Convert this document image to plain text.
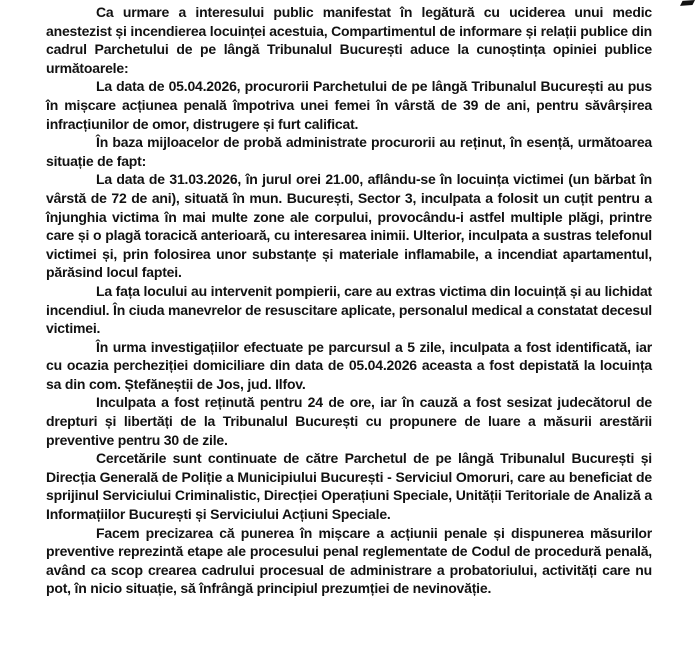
Ca urmare a interesului public manifestat în legătură cu uciderea unui medic anestezist și incendierea locuinței acestuia, Compartimentul de informare și relații publice din cadrul Parchetului de pe lângă Tribunalul București aduce la cunoștința opiniei publice următoarele:

La data de 05.04.2026, procurorii Parchetului de pe lângă Tribunalul București au pus în mișcare acțiunea penală împotriva unei femei în vârstă de 39 de ani, pentru săvârșirea infracțiunilor de omor, distrugere și furt calificat.

În baza mijloacelor de probă administrate procurorii au reținut, în esență, următoarea situație de fapt:

La data de 31.03.2026, în jurul orei 21.00, aflându-se în locuința victimei (un bărbat în vârstă de 72 de ani), situată în mun. București, Sector 3, inculpata a folosit un cuțit pentru a înjunghia victima în mai multe zone ale corpului, provocându-i astfel multiple plăgi, printre care și o plagă toracică anterioară, cu interesarea inimii. Ulterior, inculpata a sustras telefonul victimei și, prin folosirea unor substanțe și materiale inflamabile, a incendiat apartamentul, părăsind locul faptei.

La fața locului au intervenit pompierii, care au extras victima din locuință și au lichidat incendiul. În ciuda manevrelor de resuscitare aplicate, personalul medical a constatat decesul victimei.

În urma investigațiilor efectuate pe parcursul a 5 zile, inculpata a fost identificată, iar cu ocazia percheziției domiciliare din data de 05.04.2026 aceasta a fost depistată la locuința sa din com. Ștefăneștii de Jos, jud. Ilfov.

Inculpata a fost reținută pentru 24 de ore, iar în cauză a fost sesizat judecătorul de drepturi și libertăți de la Tribunalul București cu propunere de luare a măsurii arestării preventive pentru 30 de zile.

Cercetările sunt continuate de către Parchetul de pe lângă Tribunalul București și Direcția Generală de Poliție a Municipiului București - Serviciul Omoruri, care au beneficiat de sprijinul Serviciului Criminalistic, Direcției Operațiuni Speciale, Unității Teritoriale de Analiză a Informațiilor București și Serviciului Acțiuni Speciale.

Facem precizarea că punerea în mișcare a acțiunii penale și dispunerea măsurilor preventive reprezintă etape ale procesului penal reglementate de Codul de procedură penală, având ca scop crearea cadrului procesual de administrare a probatoriului, activități care nu pot, în nicio situație, să înfrângă principiul prezumției de nevinovăție.
